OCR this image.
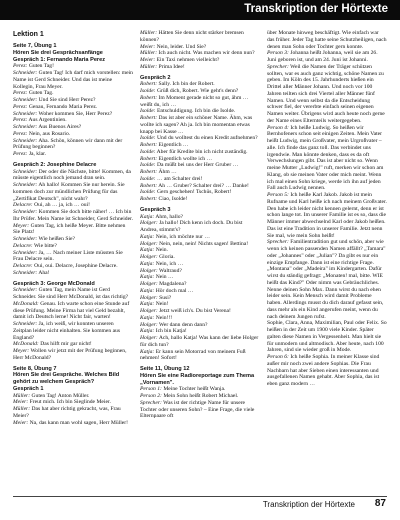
Transkription der Hörtexte

Lektion 1

Seite 7, Übung 1

Hören Sie drei Gesprächsanfänge

Gespräch 1: Fernando Maria Perez

Perez: Guten Tag!

Schneider: Guten Tag! Ich darf mich vorstellen: mein Name ist Gerd Schneider. Und das ist meine Kollegin, Frau Meyer.

Perez: Guten Tag.

Schneider: Und Sie sind Herr Perez?

Perez: Genau, Fernando Maria Perez.

Schneider: Woher kommen Sie, Herr Perez?

Perez: Aus Argentinien.

Schneider: Aus Buenos Aires?

Perez: Nein, aus Rosario.

Schneider: Aha. Schön, können wir dann mit der Prüfung beginnen?

Perez: Ja, klar.

Gespräch 2: Josephine Delacre

Schneider: Der oder die Nächste, bitte! Kommen, da müsste eigentlich noch jemand dran sein.

Schneider: Ah hallo! Kommen Sie nur herein. Sie kommen doch zur mündlichen Prüfung für das „Zertifikat Deutsch", nicht wahr?

Delacre: Oui, ah … ja, ich … oui!

Schneider: Kommen Sie doch bitte näher! … Ich bin Ihr Prüfer. Mein Name ist Schneider, Gerd Schneider.

Meyer: Guten Tag, ich heiße Meyer. Bitte nehmen Sie Platz!

Schneider: Wie heißen Sie?

Delacre: Wie bitte?

Schneider: Ja, … Nach meiner Liste müssten Sie Frau Delacre sein.

Delacre: Oui, oui. Delacre, Josephine Delacre.

Schneider: Aha!

Gespräch 3: George McDonald

Schneider: Guten Tag, mein Name ist Gerd Schneider. Sie sind Herr McDonald, ist das richtig?

McDonald: Genau. Ich warte schon eine Stunde auf diese Prüfung. Meine Firma hat viel Geld bezahlt, damit ich Deutsch lerne! Nicht fair, warten!

Schneider: Ja, ich weiß, wir konnten unseren Zeitplan leider nicht einhalten. Sie kommen aus England?

McDonald: Das hilft mir gar nicht!

Meyer: Wollen wir jetzt mit der Prüfung beginnen, Herr McDonald?

Seite 8, Übung 7

Hören Sie drei Gespräche. Welches Bild gehört zu welchem Gespräch?

Gespräch 1

Müller: Guten Tag! Anton Müller.

Meier: Freut mich. Ich bin Sieglinde Meier.

Müller: Das hat aber richtig gekracht, was, Frau Meier?

Meier: Na, das kann man wohl sagen, Herr Müller!

Müller: Hätten Sie denn nicht stärker bremsen können?

Meier: Nein, leider. Und Sie?

Müller: Ich auch nicht. Was machen wir denn nun?

Meier: Ein Taxi nehmen vielleicht?

Müller: Prima Idee!

Gespräch 2

Robert: Sally. Ich bin der Robert.

Isolde: Grüß dich, Robert. Wie geht's denn?

Robert: Im Moment gerade nicht so gut, ähm … weißt du, ich …

Isolde: Entschuldigung. Ich bin die Isolde.

Robert: Das ist aber ein schöner Name. Ähm, was wollte ich sagen? Ah ja. Ich bin momentan etwas knapp bei Kasse …

Isolde: Und du wolltest du einen Kredit aufnehmen?

Robert: Eigentlich …

Isolde: Aber für Kredite bin ich nicht zuständig.

Robert: Eigentlich wollte ich …

Isolde: Da müßt bei uns der Herr Gruber …

Robert: Ähm …

Isolde: … am Schalter drei!

Robert: Ah … Gruber? Schalter drei? … Danke!

Isolde: Gern geschehen! Tschüs, Robert!

Robert: Ciao, Isolde!

Gespräch 3

Katja: Ahm, hallo?

Holger: Ja hallo! Dich kenn ich doch. Du bist Andrea, stimmt's?

Katja: Nein, ich möchte nur …

Holger: Nein, nein, nein! Nichts sagen! Bettina!

Katja: Nein.

Holger: Gloria.

Katja: Nein, ich …

Holger: Waltraud?

Katja: Nein …

Holger: Magdalena?

Katja: Hör doch mal …

Holger: Susi?

Katja: Nein!

Holger: Jetzt weiß ich's. Du bist Verena!

Katja: Nein!!!

Holger: Wer dann denn dann?

Katja: Ich bin Katja!

Holger: Ach, hallo Katja! Was kann der liebe Holger für dich tun?

Katja: Er kann sein Motorrad von meinem Fuß nehmen! Sofort!

Seite 11, Übung 12

Hören Sie eine Radioreportage zum Thema „Vornamen".

Person 1: Meine Tochter heißt Wanja.

Person 2: Mein Sohn heißt Robert Michael.

Sprecher: Was ist der richtige Name für unsere Tochter oder unseren Sohn? – Eine Frage, die viele Elternpaare oft

über Monate hinweg beschäftigt. Wie einfach war das früher. Jeder Tag hatte seine Schutzheiligen, nach denen man Sohn oder Tochter gern konnte.

Person 3: Johanna heißt Johanna, weil sie am 26. Juni geboren ist, und am 24. Juni ist Johanni.

Sprecher: Weil die Namen der Träger schützen sollten, war es auch ganz wichtig, schöne Namen zu geben. Im Köln des 15. Jahrhunderts hießen ein Drittel aller Männer Johann. Und noch vor 100 Jahren teilten sich drei Viertel aller Männer fünf Namen. Und wenn selbst da die Entscheidung schwer fiel, der vererbte einfach seinen eigenen Namen weiter. Übrigens wird auch heute noch gerne der Name eines Elternteils weitergegeben.

Person 4: Ich heiße Ludwig. So heißen wir Bernhofeners schon seit einigen Zeiten. Mein Vater heißt Ludwig, mein Großvater, mein Urgroßvater – alle. Ich finde das ganz toll. Das verbindet uns irgendwie. Man könnte denken, dass es da oft Verwechslungen gibt. Das ist aber nicht so. Wenn meine Mutter „Ludwig!" ruft, merken wir schon am Klang, ob sie meinen Vater oder mich meint. Wenn ich mal einen Sohn kriege, werde ich ihn auf jeden Fall auch Ludwig nennen.

Person 5: Ich heiße Karl Jakob. Jakob ist mein Rufname und Karl heiße ich nach meinem Großvater. Den habe ich leider nicht kennen gelernt, denn er ist schon lange tot. Im unserer Familie ist es so, dass die Männer immer abwechselnd Karl oder Jakob heißen. Das ist eine Tradition in unserer Familie. Jetzt nenn Sie mal, wie mein Sohn heißt!

Sprecher: Familientradition gut und schön, aber wie wenn ich keinen passenden Namen affällt? „Tamara" oder „Johannes" oder „Julian"? Da gibt es nur ein einzige Empfange. Dann ist eine richtige Frage. „Montana" oder „Madeira" im Kindergarten. Dafür wirst du ständig gefragt: „Monaten! mal, bitte. WIE heißt das Kind?" Oder nimm was Gebräuchliches. Nenne deinen Sohn Max. Dann wirst du nach ehen leider sein. Kein Mensch wird damit Probleme haben. Allerdings musst du dich darauf gefasst sein, dass mehr als ein Kind angerufen meint, wenn du nach deinem Jungen rufst.

Sophie, Clara, Anna, Maximilian, Paul oder Felix. So heißen in der Zeit um 1900 viele Kinder. Später galten diese Namen in Vergessenheit. Man hielt sie für unmodern und altmodisch. Aber heute, nach 100 Jahren, sind sie wieder groß in Mode.

Person 6: Ich heiße Sophia. In meiner Klasse sind außer mir noch zwei andere Sophias. Die Frau Nachbarn hat aber Sieben einen interessanten und ausgefallenen Namen gehabt. Aber Sophia, das ist eben ganz modern …

Transkription der Hörtexte 87
